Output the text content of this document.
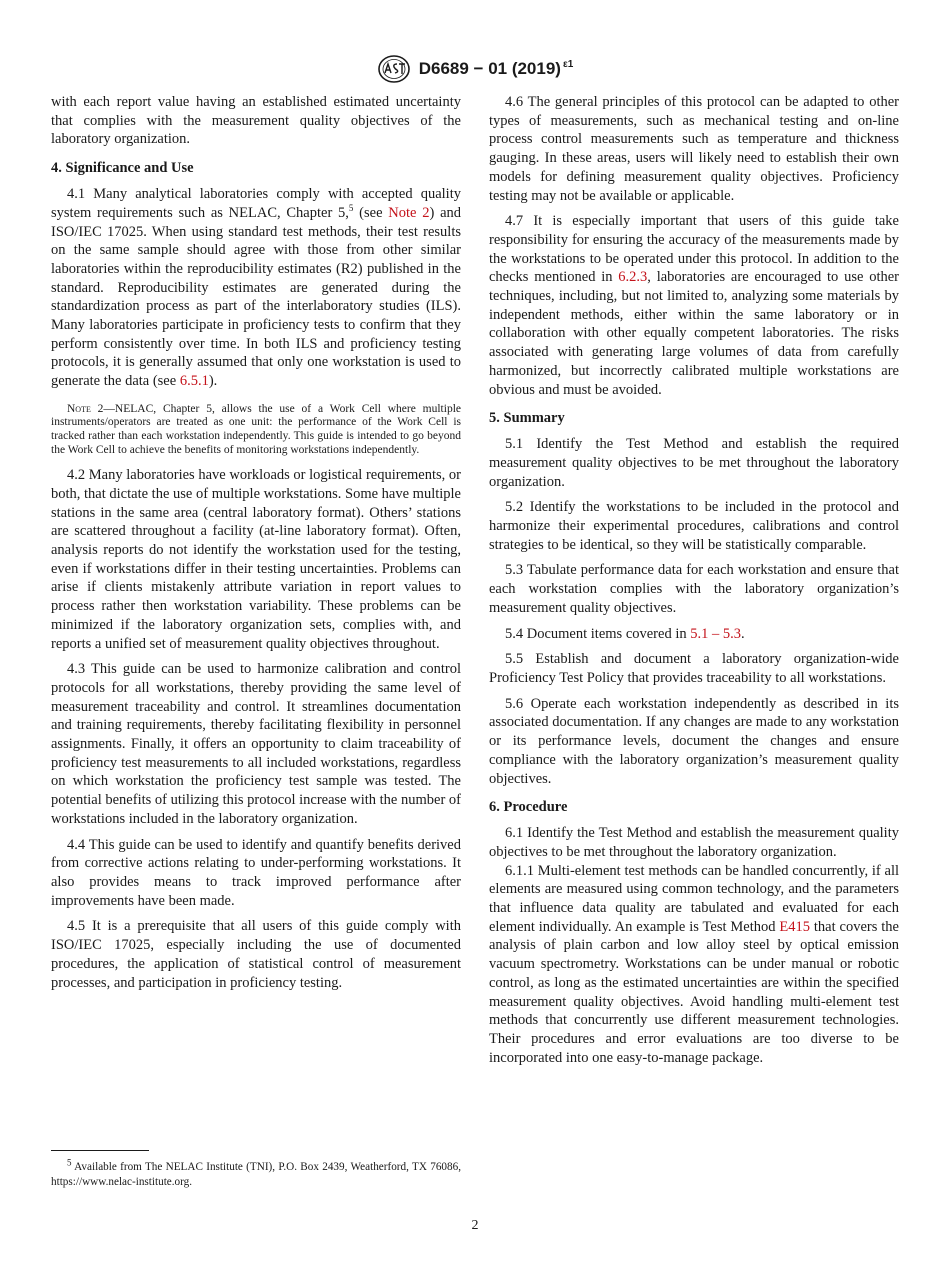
D6689 − 01 (2019) $^{\varepsilon 1}$

with each report value having an established estimated uncertainty that complies with the measurement quality objectives of the laboratory organization.

4. Significance and Use

4.1 Many analytical laboratories comply with accepted quality system requirements such as NELAC, Chapter 5,$^5$ (see Note 2) and ISO/IEC 17025. When using standard test methods, their test results on the same sample should agree with those from other similar laboratories within the reproducibility estimates (R2) published in the standard. Reproducibility estimates are generated during the standardization process as part of the interlaboratory studies (ILS). Many laboratories participate in proficiency tests to confirm that they perform consistently over time. In both ILS and proficiency testing protocols, it is generally assumed that only one workstation is used to generate the data (see 6.5.1).

Note 2—NELAC, Chapter 5, allows the use of a Work Cell where multiple instruments/operators are treated as one unit: the performance of the Work Cell is tracked rather than each workstation independently. This guide is intended to go beyond the Work Cell to achieve the benefits of monitoring workstations independently.

4.2 Many laboratories have workloads or logistical requirements, or both, that dictate the use of multiple workstations. Some have multiple stations in the same area (central laboratory format). Others’ stations are scattered throughout a facility (at-line laboratory format). Often, analysis reports do not identify the workstation used for the testing, even if workstations differ in their testing uncertainties. Problems can arise if clients mistakenly attribute variation in report values to process rather then workstation variability. These problems can be minimized if the laboratory organization sets, complies with, and reports a unified set of measurement quality objectives throughout.

4.3 This guide can be used to harmonize calibration and control protocols for all workstations, thereby providing the same level of measurement traceability and control. It streamlines documentation and training requirements, thereby facilitating flexibility in personnel assignments. Finally, it offers an opportunity to claim traceability of proficiency test measurements to all included workstations, regardless on which workstation the proficiency test sample was tested. The potential benefits of utilizing this protocol increase with the number of workstations included in the laboratory organization.

4.4 This guide can be used to identify and quantify benefits derived from corrective actions relating to under-performing workstations. It also provides means to track improved performance after improvements have been made.

4.5 It is a prerequisite that all users of this guide comply with ISO/IEC 17025, especially including the use of documented procedures, the application of statistical control of measurement processes, and participation in proficiency testing.

$^5$ Available from The NELAC Institute (TNI), P.O. Box 2439, Weatherford, TX 76086, https://www.nelac-institute.org.

4.6 The general principles of this protocol can be adapted to other types of measurements, such as mechanical testing and on-line process control measurements such as temperature and thickness gauging. In these areas, users will likely need to establish their own models for defining measurement quality objectives. Proficiency testing may not be available or applicable.

4.7 It is especially important that users of this guide take responsibility for ensuring the accuracy of the measurements made by the workstations to be operated under this protocol. In addition to the checks mentioned in 6.2.3, laboratories are encouraged to use other techniques, including, but not limited to, analyzing some materials by independent methods, either within the same laboratory or in collaboration with other equally competent laboratories. The risks associated with generating large volumes of data from carefully harmonized, but incorrectly calibrated multiple workstations are obvious and must be avoided.

5. Summary

5.1 Identify the Test Method and establish the required measurement quality objectives to be met throughout the laboratory organization.

5.2 Identify the workstations to be included in the protocol and harmonize their experimental procedures, calibrations and control strategies to be identical, so they will be statistically comparable.

5.3 Tabulate performance data for each workstation and ensure that each workstation complies with the laboratory organization’s measurement quality objectives.

5.4 Document items covered in 5.1 – 5.3.

5.5 Establish and document a laboratory organization-wide Proficiency Test Policy that provides traceability to all workstations.

5.6 Operate each workstation independently as described in its associated documentation. If any changes are made to any workstation or its performance levels, document the changes and ensure compliance with the laboratory organization’s measurement quality objectives.

6. Procedure

6.1 Identify the Test Method and establish the measurement quality objectives to be met throughout the laboratory organization.

6.1.1 Multi-element test methods can be handled concurrently, if all elements are measured using common technology, and the parameters that influence data quality are tabulated and evaluated for each element individually. An example is Test Method E415 that covers the analysis of plain carbon and low alloy steel by optical emission vacuum spectrometry. Workstations can be under manual or robotic control, as long as the estimated uncertainties are within the specified measurement quality objectives. Avoid handling multi-element test methods that concurrently use different measurement technologies. Their procedures and error evaluations are too diverse to be incorporated into one easy-to-manage package.

2
